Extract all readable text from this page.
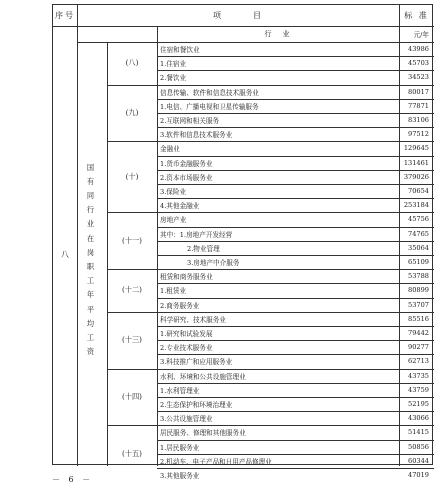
序号	项　　　目	标 准
行　业	元/年
八
国有同行业在岗职工年平均工资
(八)
住宿和餐饮业	43986
1.住宿业	45703
2.餐饮业	34523
(九)
信息传输、软件和信息技术服务业	80017
1.电信、广播电视和卫星传输服务	77871
2.互联网和相关服务	83106
3.软件和信息技术服务业	97512
(十)
金融业	129645
1.货币金融服务业	131461
2.资本市场服务业	379026
3.保险业	70654
4.其他金融业	253184
(十一)
房地产业	45756
其中：1.房地产开发经营	74765
2.物业管理	35064
3.房地产中介服务	65109
(十二)
租赁和商务服务业	53788
1.租赁业	80899
2.商务服务业	53707
(十三)
科学研究、技术服务业	85516
1.研究和试验发展	79442
2.专业技术服务业	90277
3.科技推广和应用服务业	62713
(十四)
水利、环境和公共设施管理业	43735
1.水利管理业	43759
2.生态保护和环境治理业	52195
3.公共设施管理业	43066
(十五)
居民服务、修理和其他服务业	51415
1.居民服务业	50856
2.机动车、电子产品和日用产品修理业	60344
3.其他服务业	47019
－ 6 －
